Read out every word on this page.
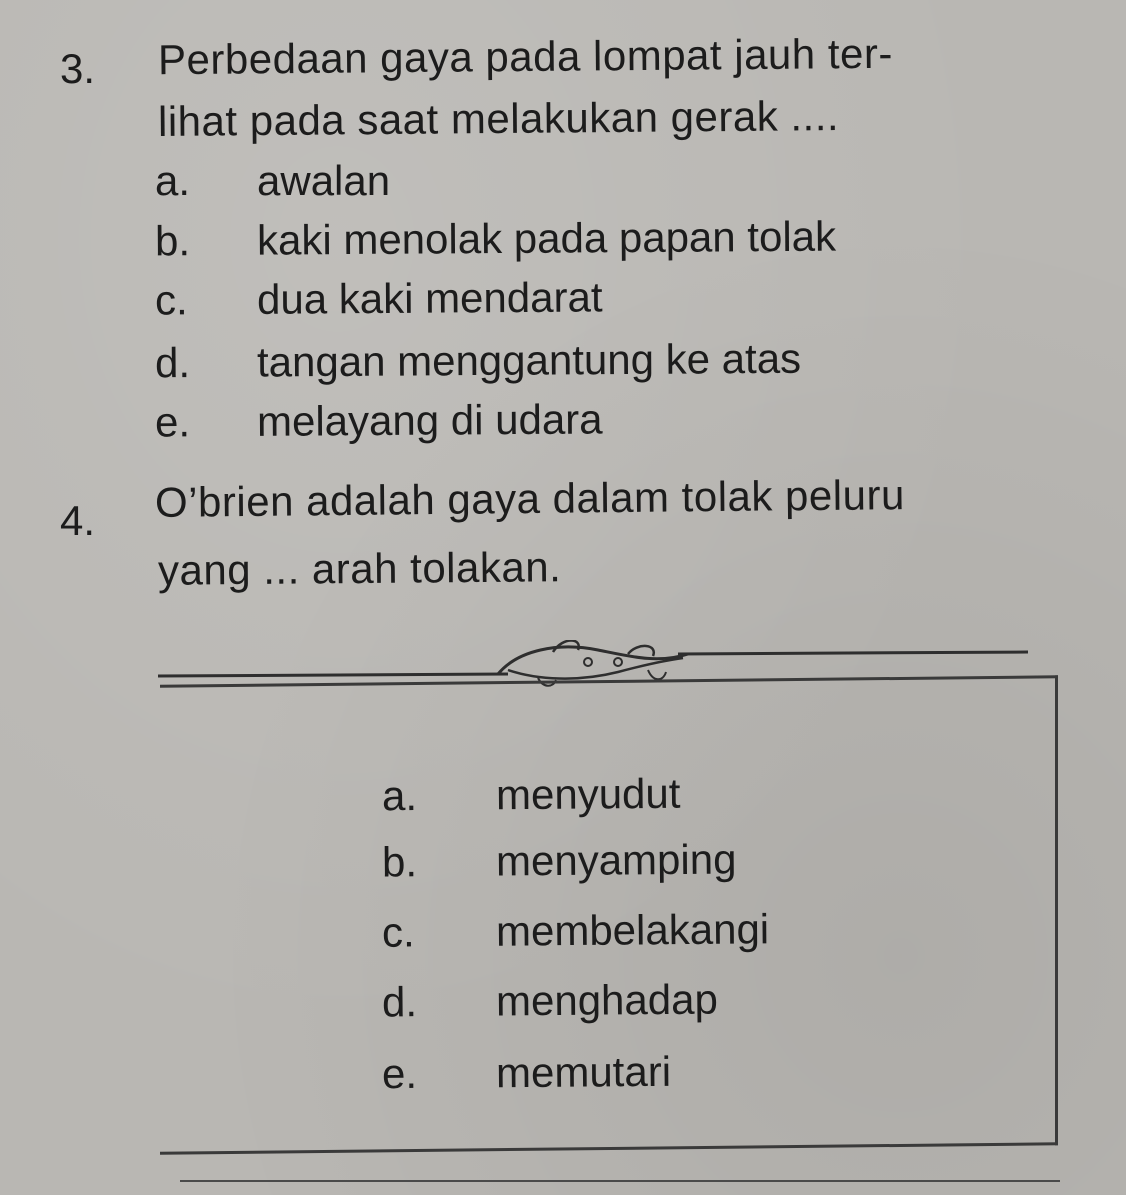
3. Perbedaan gaya pada lompat jauh ter-
lihat pada saat melakukan gerak ....
a. awalan
b. kaki menolak pada papan tolak
c. dua kaki mendarat
d. tangan menggantung ke atas
e. melayang di udara
4. O’brien adalah gaya dalam tolak peluru
yang ... arah tolakan.
a. menyudut
b. menyamping
c. membelakangi
d. menghadap
e. memutari
